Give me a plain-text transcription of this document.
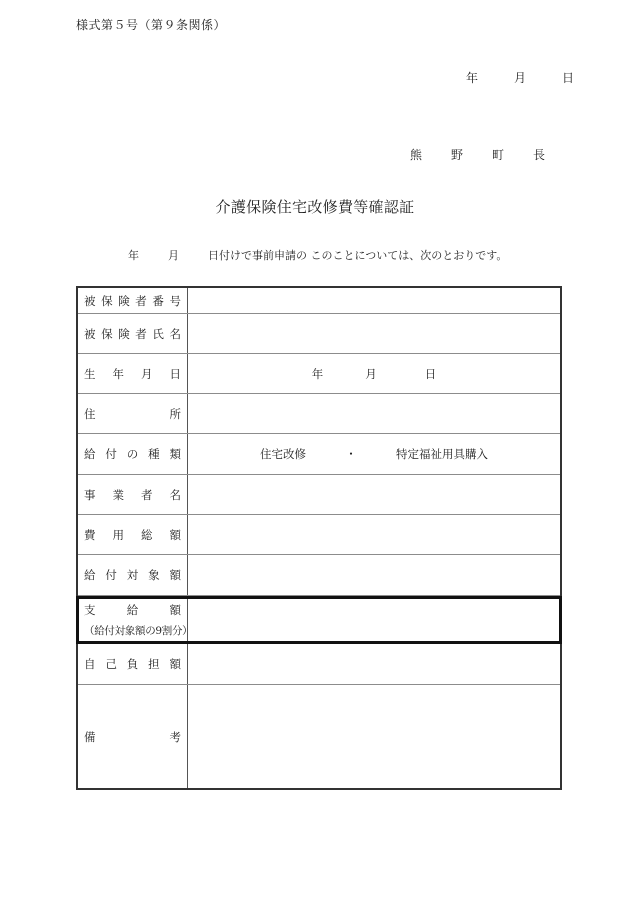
様式第５号（第９条関係）
年	月	日
熊	野	町	長
介護保険住宅改修費等確認証
年	月	日付けで事前申請の このことについては、次のとおりです。
被 保 険 者 番 号
被 保 険 者 氏 名
生 年 月 日	年	月	日
住	所
給 付 の 種 類	住宅改修	・	特定福祉用具購入
事 業 者 名
費 用 総 額
給 付 対 象 額
支	給	額
（給付対象額の9割分）
自 己 負 担 額
備	考
